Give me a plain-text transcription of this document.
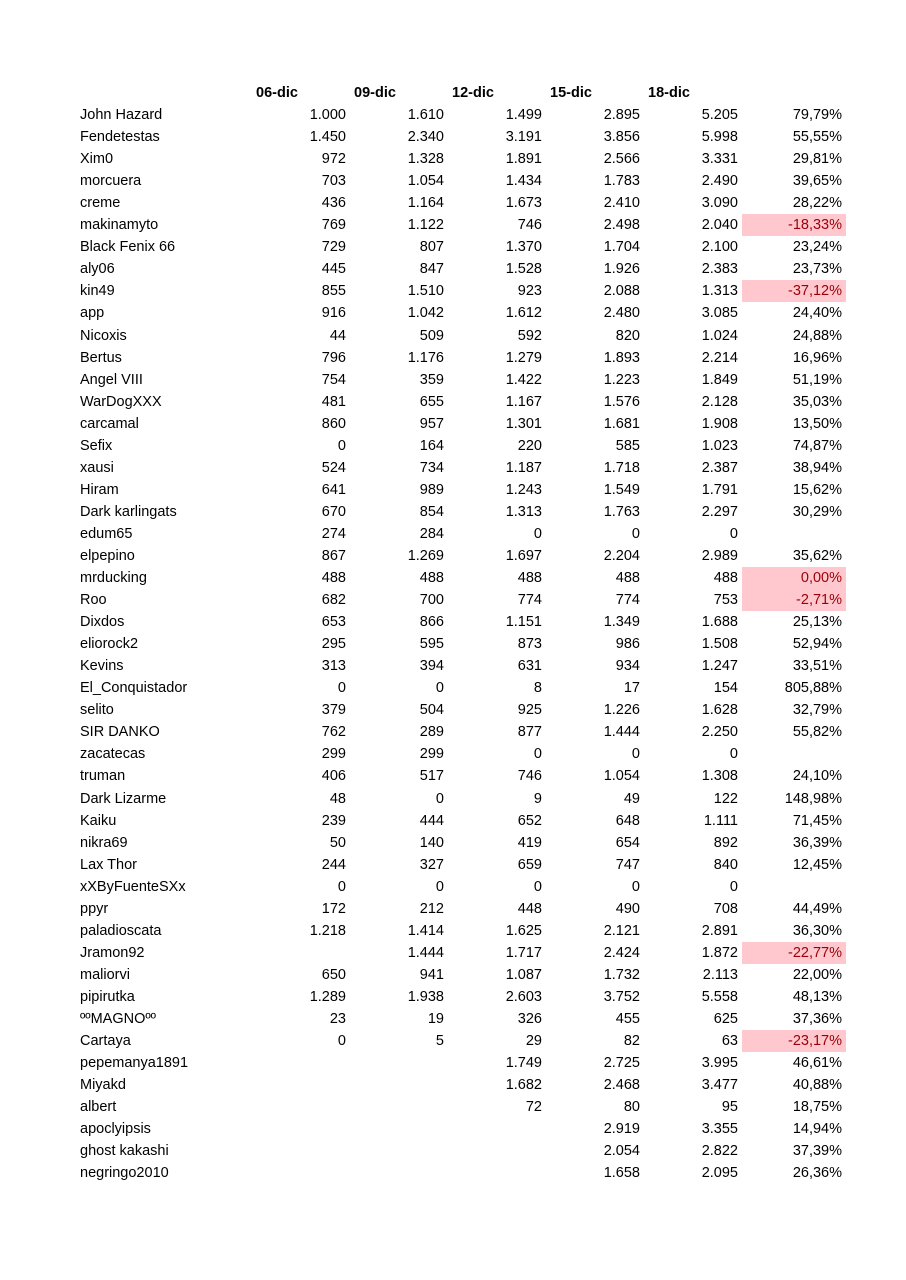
	06-dic	09-dic	12-dic	15-dic	18-dic	
John Hazard	1.000	1.610	1.499	2.895	5.205	79,79%
Fendetestas	1.450	2.340	3.191	3.856	5.998	55,55%
Xim0	972	1.328	1.891	2.566	3.331	29,81%
morcuera	703	1.054	1.434	1.783	2.490	39,65%
creme	436	1.164	1.673	2.410	3.090	28,22%
makinamyto	769	1.122	746	2.498	2.040	-18,33%
Black Fenix 66	729	807	1.370	1.704	2.100	23,24%
aly06	445	847	1.528	1.926	2.383	23,73%
kin49	855	1.510	923	2.088	1.313	-37,12%
app	916	1.042	1.612	2.480	3.085	24,40%
Nicoxis	44	509	592	820	1.024	24,88%
Bertus	796	1.176	1.279	1.893	2.214	16,96%
Angel VIII	754	359	1.422	1.223	1.849	51,19%
WarDogXXX	481	655	1.167	1.576	2.128	35,03%
carcamal	860	957	1.301	1.681	1.908	13,50%
Sefix	0	164	220	585	1.023	74,87%
xausi	524	734	1.187	1.718	2.387	38,94%
Hiram	641	989	1.243	1.549	1.791	15,62%
Dark karlingats	670	854	1.313	1.763	2.297	30,29%
edum65	274	284	0	0	0	
elpepino	867	1.269	1.697	2.204	2.989	35,62%
mrducking	488	488	488	488	488	0,00%
Roo	682	700	774	774	753	-2,71%
Dixdos	653	866	1.151	1.349	1.688	25,13%
eliorock2	295	595	873	986	1.508	52,94%
Kevins	313	394	631	934	1.247	33,51%
El_Conquistador	0	0	8	17	154	805,88%
selito	379	504	925	1.226	1.628	32,79%
SIR DANKO	762	289	877	1.444	2.250	55,82%
zacatecas	299	299	0	0	0	
truman	406	517	746	1.054	1.308	24,10%
Dark Lizarme	48	0	9	49	122	148,98%
Kaiku	239	444	652	648	1.111	71,45%
nikra69	50	140	419	654	892	36,39%
Lax Thor	244	327	659	747	840	12,45%
xXByFuenteSXx	0	0	0	0	0	
ppyr	172	212	448	490	708	44,49%
paladioscata	1.218	1.414	1.625	2.121	2.891	36,30%
Jramon92		1.444	1.717	2.424	1.872	-22,77%
maliorvi	650	941	1.087	1.732	2.113	22,00%
pipirutka	1.289	1.938	2.603	3.752	5.558	48,13%
ººMAGNOºº	23	19	326	455	625	37,36%
Cartaya	0	5	29	82	63	-23,17%
pepemanya1891			1.749	2.725	3.995	46,61%
Miyakd			1.682	2.468	3.477	40,88%
albert			72	80	95	18,75%
apoclyipsis				2.919	3.355	14,94%
ghost kakashi				2.054	2.822	37,39%
negringo2010				1.658	2.095	26,36%
